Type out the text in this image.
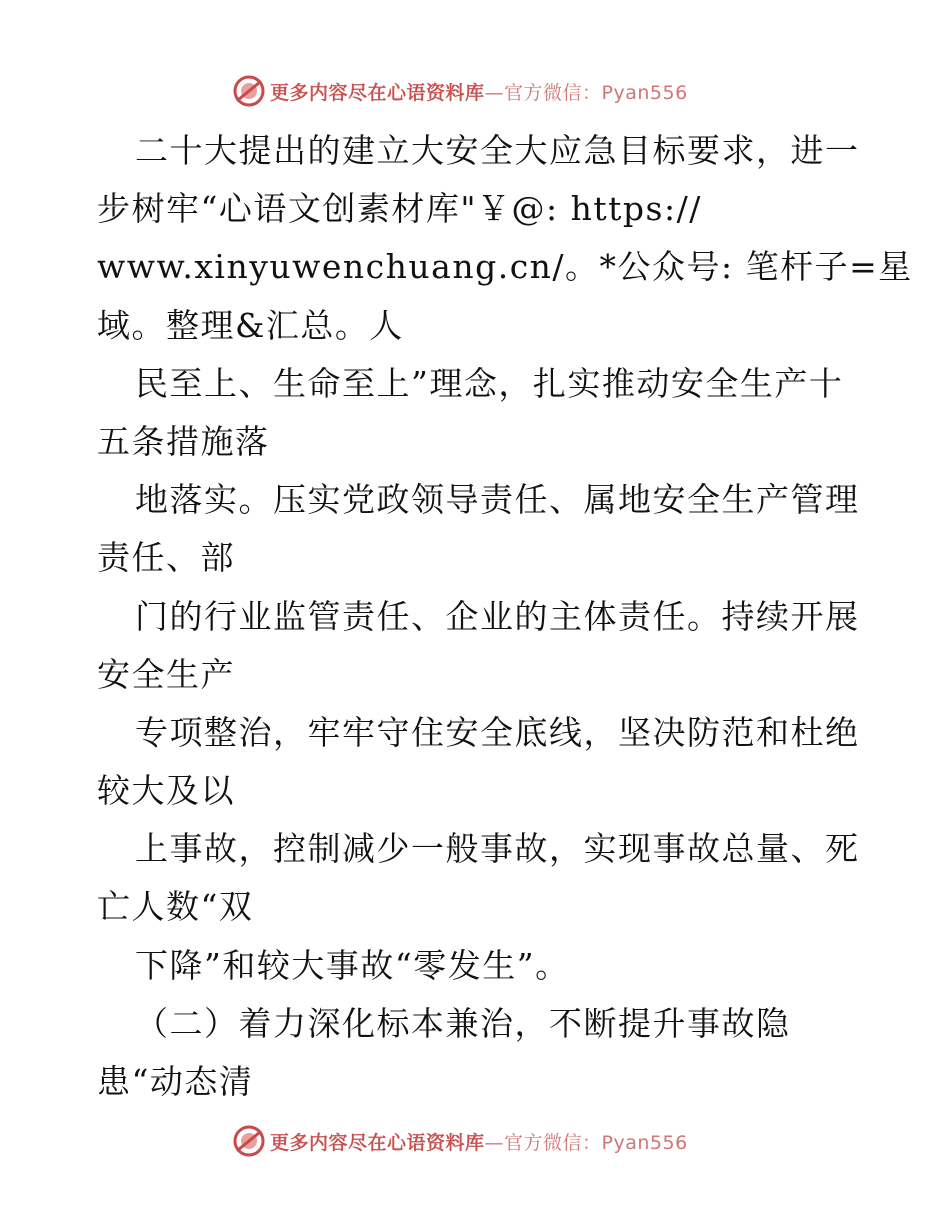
更多内容尽在心语资料库—官方微信：Pyan556
二十大提出的建立大安全大应急目标要求，进一
步树牢“心语文创素材库"￥@: https://
www.xinyuwenchuang.cn/。*公众号: 笔杆子=星
域。整理&汇总。人
民至上、生命至上”理念，扎实推动安全生产十
五条措施落
地落实。压实党政领导责任、属地安全生产管理
责任、部
门的行业监管责任、企业的主体责任。持续开展
安全生产
专项整治，牢牢守住安全底线，坚决防范和杜绝
较大及以
上事故，控制减少一般事故，实现事故总量、死
亡人数“双
下降”和较大事故“零发生”。
（二）着力深化标本兼治，不断提升事故隐
患“动态清
更多内容尽在心语资料库—官方微信：Pyan556
